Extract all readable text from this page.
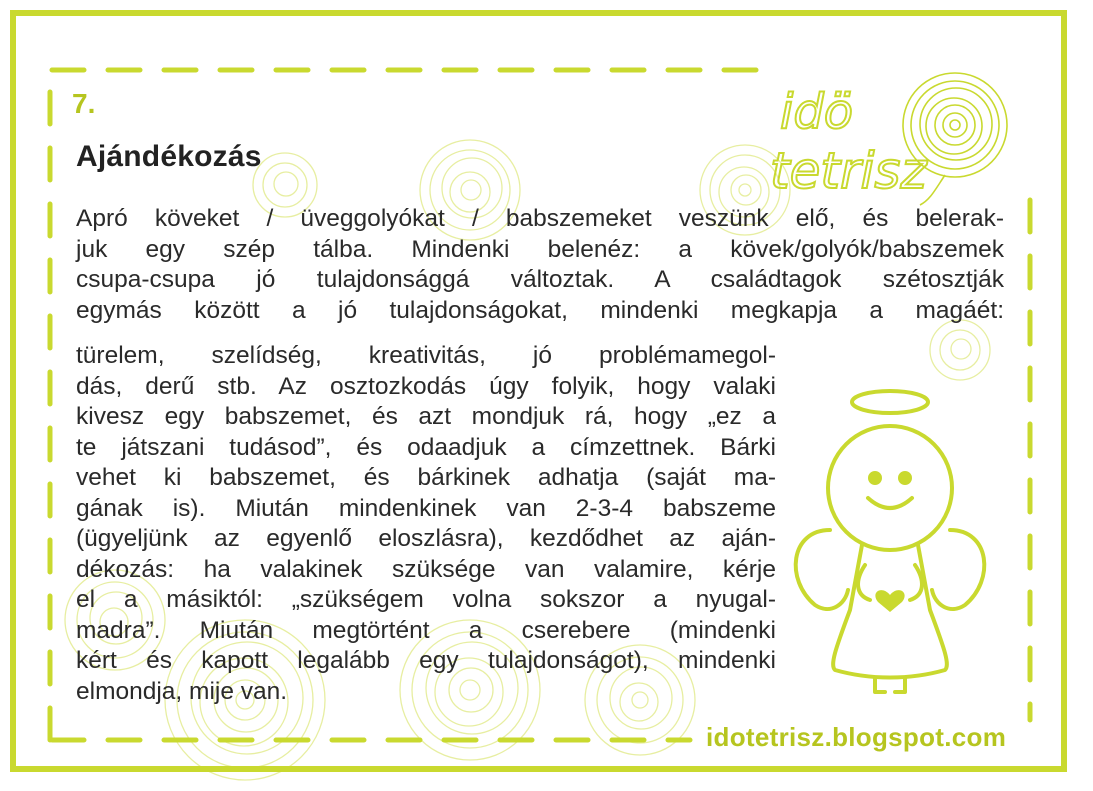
idö
tetrisz
7.
Ajándékozás
Apró köveket / üveggolyókat / babszemeket veszünk elő, és belerak-
juk egy szép tálba. Mindenki belenéz: a kövek/golyók/babszemek
csupa-csupa jó tulajdonsággá változtak. A családtagok szétosztják
egymás között a jó tulajdonságokat, mindenki megkapja a magáét:
türelem, szelídség, kreativitás, jó problémamegol-
dás, derű stb. Az osztozkodás úgy folyik, hogy valaki
kivesz egy babszemet, és azt mondjuk rá, hogy „ez a
te játszani tudásod”, és odaadjuk a címzettnek. Bárki
vehet ki babszemet, és bárkinek adhatja (saját ma-
gának is). Miután mindenkinek van 2-3-4 babszeme
(ügyeljünk az egyenlő eloszlásra), kezdődhet az aján-
dékozás: ha valakinek szüksége van valamire, kérje
el a másiktól: „szükségem volna sokszor a nyugal-
madra”. Miután megtörtént a cserebere (mindenki
kért és kapott legalább egy tulajdonságot), mindenki
elmondja, mije van.
idotetrisz.blogspot.com
